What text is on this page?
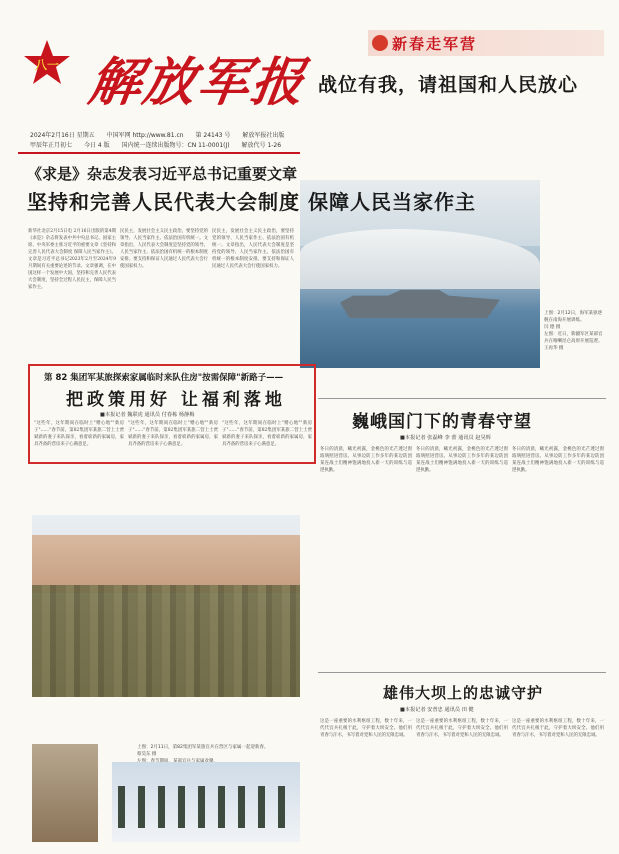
八一 解放军报
2024年2月16日 星期五 中国军网 http://www.81.cn 第 24143 号 解放军报社出版
甲辰年正月初七 今日 4 版 国内统一连续出版物号：CN 11-0001(J) 解放代号 1-26
新春走军营
战位有我，请祖国和人民放心
上图：2月12日，海军某驱逐舰在南海开展训练。
闫 德 摄
左图：近日，新疆军区某部官兵在喀喇昆仑高原开展巡逻。
王再华 摄
《求是》杂志发表习近平总书记重要文章
坚持和完善人民代表大会制度 保障人民当家作主
新华社北京2月15日电 2月16日出版的第4期《求是》杂志将发表中共中央总书记、国家主席、中央军委主席习近平的重要文章《坚持和完善人民代表大会制度 保障人民当家作主》。文章是习近平总书记2023年2月至2024年9月期间有关重要论述的节录。文章强调，在中国这样一个发展中大国，坚持和完善人民代表大会制度，坚持全过程人民民主，保障人民当家作主。
民民主，发展社会主义民主政治，要坚持党的领导、人民当家作主、依法治国有机统一。文章指出，人民代表大会制度是坚持党的领导、人民当家作主、依法治国有机统一的根本制度安排。要支持和保证人民通过人民代表大会行使国家权力。
民民主，发展社会主义民主政治，要坚持党的领导、人民当家作主、依法治国有机统一。文章指出，人民代表大会制度是坚持党的领导、人民当家作主、依法治国有机统一的根本制度安排。要支持和保证人民通过人民代表大会行使国家权力。
第 82 集团军某旅探索家属临时来队住房"按需保障"新路子——
把政策用好 让福利落地
■本报记者 魏联虎 通讯员 付春栋 杨静梅
"这些年，这年期间在临时上"赠心地""新房子"……"春节前，第82集团军某旅二营上士贾斌新的妻子来队探亲，看着崭新的家属房，家具齐备的营房来子心满意足。
"这些年，这年期间在临时上"赠心地""新房子"……"春节前，第82集团军某旅二营上士贾斌新的妻子来队探亲，看着崭新的家属房，家具齐备的营房来子心满意足。
"这些年，这年期间在临时上"赠心地""新房子"……"春节前，第82集团军某旅二营上士贾斌新的妻子来队探亲，看着崭新的家属房，家具齐备的营房来子心满意足。
上图：2月11日，第82集团军某旅官兵在营区与家属一起迎新春。
蔡昊东 摄

巍峨国门下的青春守望
■本报记者 张磊峰 李 蕾 通讯员 赵昊辉
冬日的清晨，曦光初露，金桃色的光芒透过窗玻璃照进营房。从事边防工作多年的某边防团某连战士们精神饱满地投入新一天的训练与巡逻执勤。
冬日的清晨，曦光初露，金桃色的光芒透过窗玻璃照进营房。从事边防工作多年的某边防团某连战士们精神饱满地投入新一天的训练与巡逻执勤。
冬日的清晨，曦光初露，金桃色的光芒透过窗玻璃照进营房。从事边防工作多年的某边防团某连战士们精神饱满地投入新一天的训练与巡逻执勤。
雄伟大坝上的忠诚守护
■本报记者 安普忠 通讯员 田 健
这是一座重要的水利枢纽工程，数十年来，一代代官兵扎根于此，守护着大坝安全。他们用青春与汗水，书写着对党和人民的无限忠诚。
这是一座重要的水利枢纽工程，数十年来，一代代官兵扎根于此，守护着大坝安全。他们用青春与汗水，书写着对党和人民的无限忠诚。
这是一座重要的水利枢纽工程，数十年来，一代代官兵扎根于此，守护着大坝安全。他们用青春与汗水，书写着对党和人民的无限忠诚。
